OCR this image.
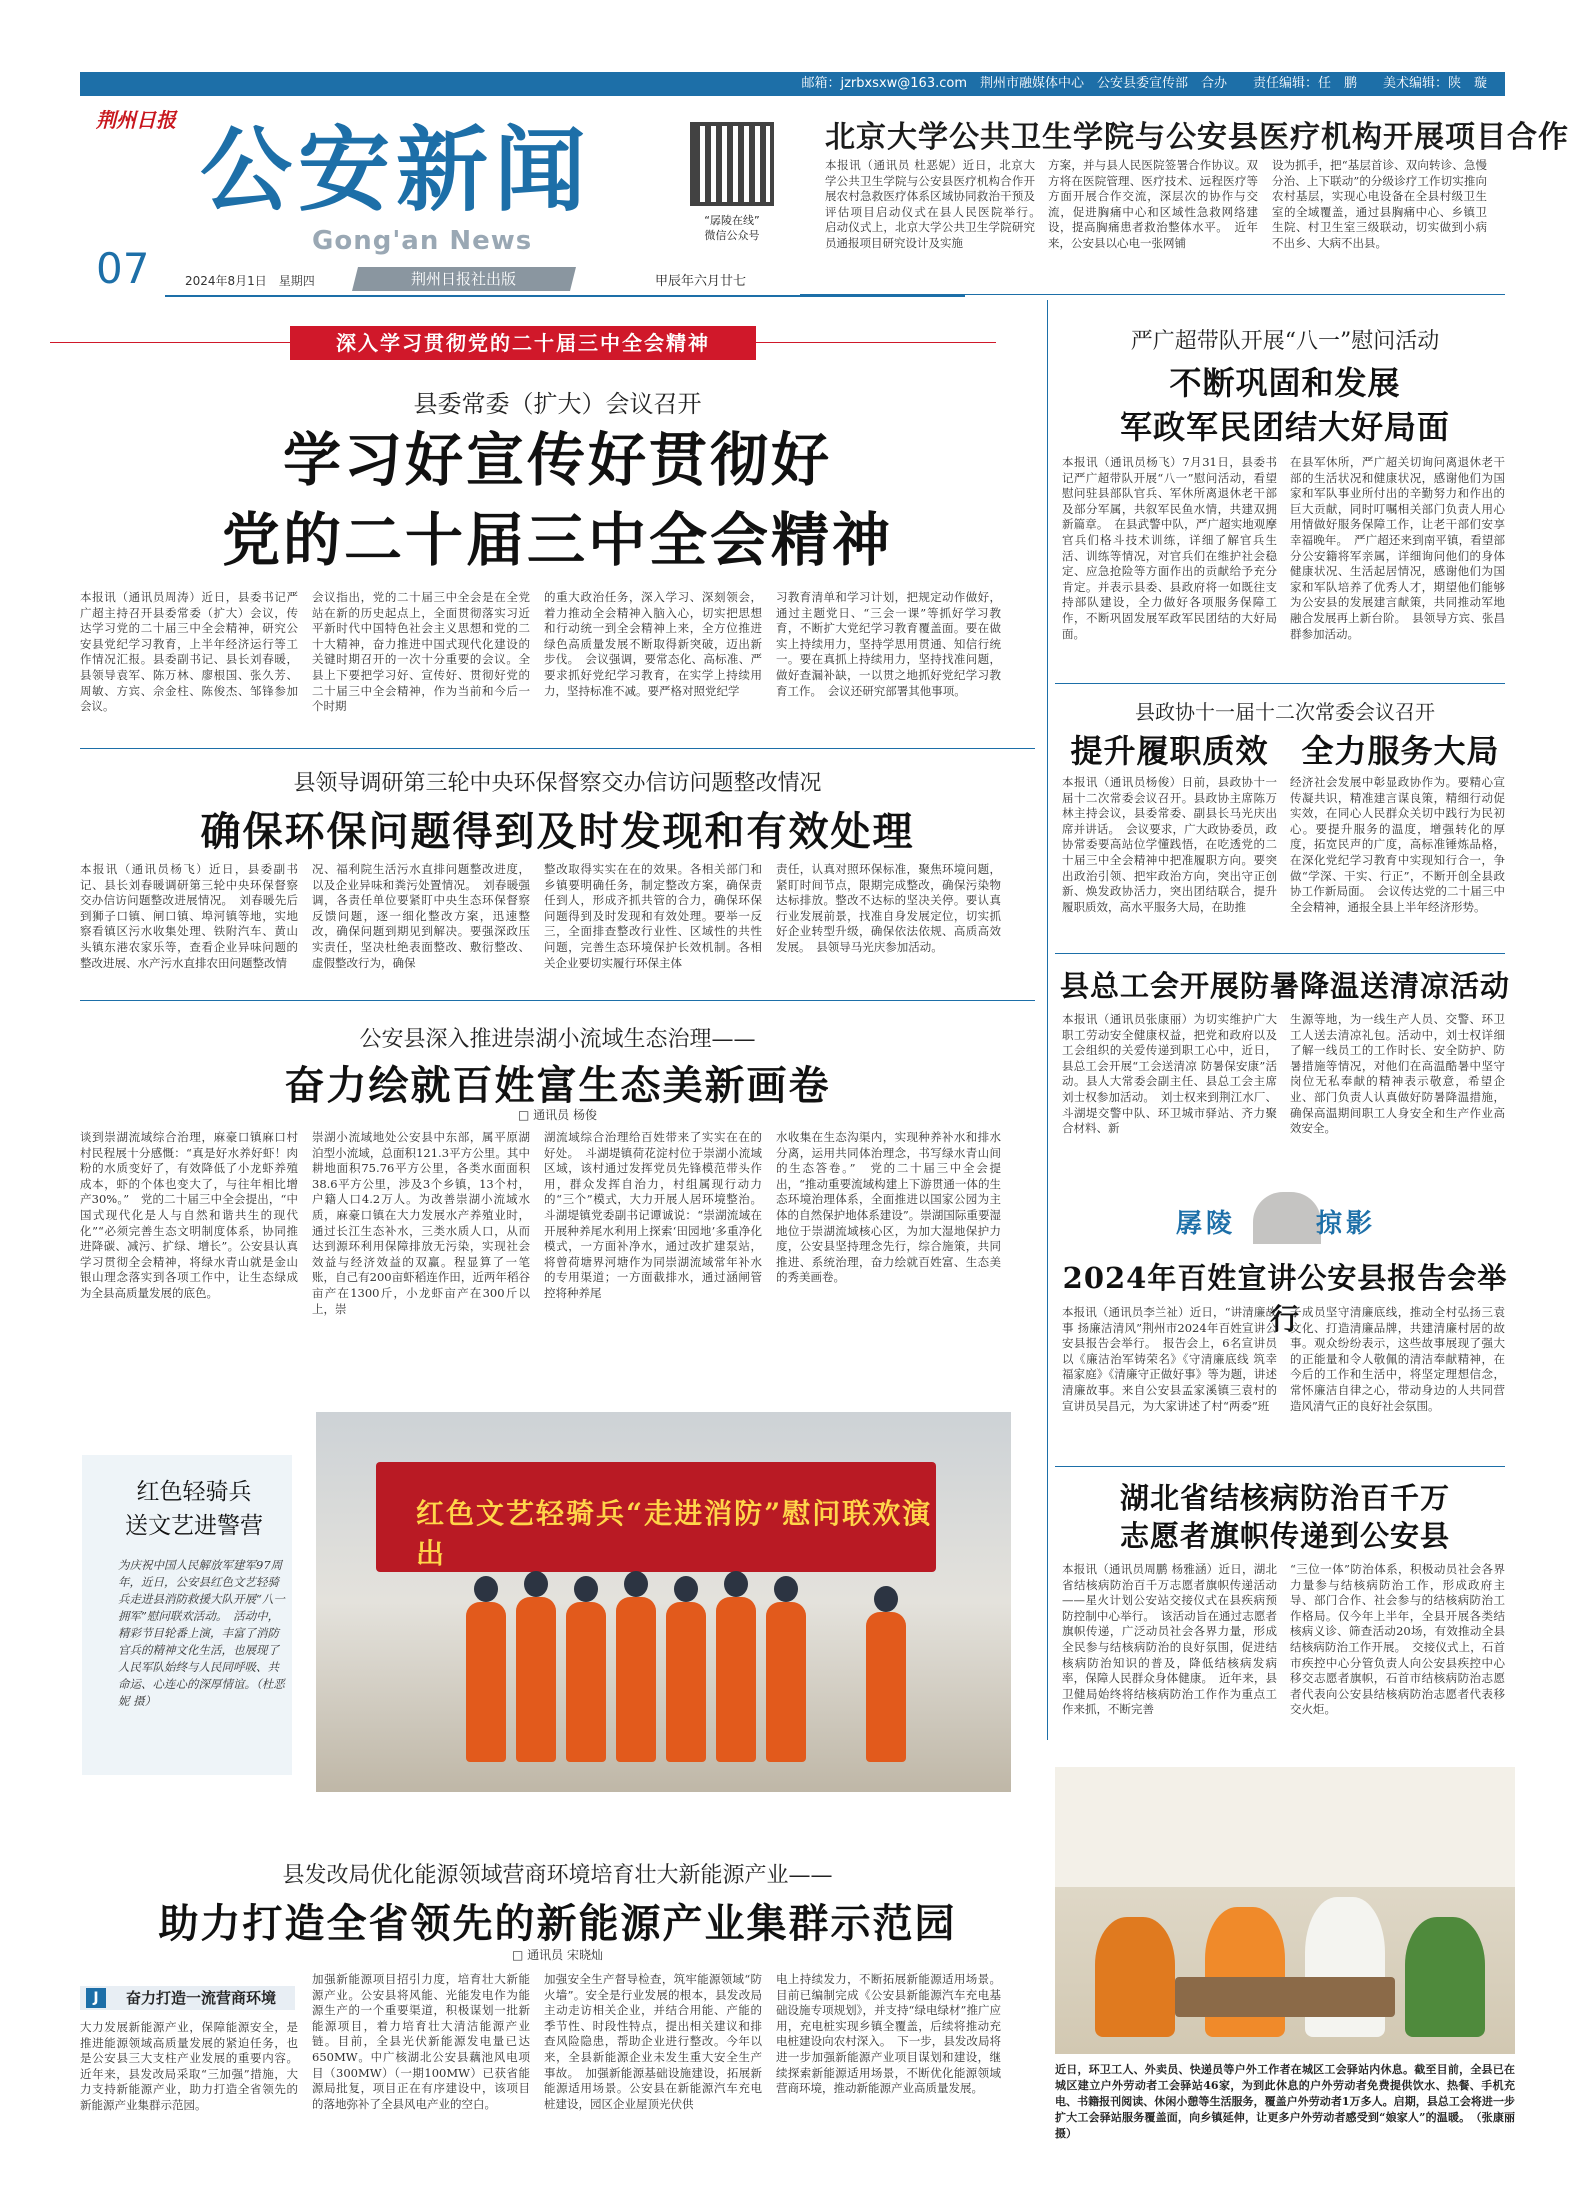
邮箱：jzrbxsxw@163.com　荆州市融媒体中心　公安县委宣传部　合办　　责任编辑：任　鹏　　美术编辑：陕　璇
荆州日报 公安新闻
Gong'an News
07	2024年8月1日　星期四	荆州日报社出版	甲辰年六月廿七
“孱陵在线”
微信公众号
北京大学公共卫生学院与公安县医疗机构开展项目合作
本报讯（通讯员 杜恶妮）近日，北京大学公共卫生学院与公安县医疗机构合作开展农村急救医疗体系区域协同救治干预及评估项目启动仪式在县人民医院举行。　启动仪式上，北京大学公共卫生学院研究员通报项目研究设计及实施
方案，并与县人民医院签署合作协议。双方将在医院管理、医疗技术、远程医疗等方面开展合作交流，深层次的协作与交流，促进胸痛中心和区域性急救网络建设，提高胸痛患者救治整体水平。　近年来，公安县以心电一张网铺
设为抓手，把“基层首诊、双向转诊、急慢分治、上下联动”的分级诊疗工作切实推向农村基层，实现心电设备在全县村级卫生室的全域覆盖，通过县胸痛中心、乡镇卫生院、村卫生室三级联动，切实做到小病不出乡、大病不出县。
深入学习贯彻党的二十届三中全会精神
县委常委（扩大）会议召开
学习好宣传好贯彻好
党的二十届三中全会精神
本报讯（通讯员周涛）近日，县委书记严广超主持召开县委常委（扩大）会议，传达学习党的二十届三中全会精神，研究公安县党纪学习教育，上半年经济运行等工作情况汇报。县委副书记、县长刘春暖，县领导袁军、陈万林、廖根国、张久芳、周敏、方宾、佘金柱、陈俊杰、邹锋参加会议。
会议指出，党的二十届三中全会是在全党站在新的历史起点上，全面贯彻落实习近平新时代中国特色社会主义思想和党的二十大精神，奋力推进中国式现代化建设的关键时期召开的一次十分重要的会议。全县上下要把学习好、宣传好、贯彻好党的二十届三中全会精神，作为当前和今后一个时期
的重大政治任务，深入学习、深刻领会，着力推动全会精神入脑入心，切实把思想和行动统一到全会精神上来，全方位推进绿色高质量发展不断取得新突破，迈出新步伐。　会议强调，要常态化、高标准、严要求抓好党纪学习教育，在实学上持续用力，坚持标准不减。要严格对照党纪学
习教育清单和学习计划，把规定动作做好，通过主题党日、“三会一课”等抓好学习教育，不断扩大党纪学习教育覆盖面。要在做实上持续用力，坚持学思用贯通、知信行统一。要在真抓上持续用力，坚持找准问题，做好查漏补缺，一以贯之地抓好党纪学习教育工作。　会议还研究部署其他事项。
县领导调研第三轮中央环保督察交办信访问题整改情况
确保环保问题得到及时发现和有效处理
本报讯（通讯员杨飞）近日，县委副书记、县长刘春暖调研第三轮中央环保督察交办信访问题整改进展情况。　刘春暖先后到狮子口镇、闸口镇、埠河镇等地，实地察看镇区污水收集处理、铁附汽车、黄山头镇东港农家乐等，查看企业异味问题的整改进展、水产污水直排农田问题整改情
况、福利院生活污水直排问题整改进度，以及企业异味和粪污处置情况。　刘春暖强调，各责任单位要紧盯中央生态环保督察反馈问题，逐一细化整改方案，迅速整改，确保问题到期见到解决。要强深政压实责任，坚决杜绝表面整改、敷衍整改、虚假整改行为，确保
整改取得实实在在的效果。各相关部门和乡镇要明确任务，制定整改方案，确保责任到人，形成齐抓共管的合力，确保环保问题得到及时发现和有效处理。要举一反三，全面排查整改行业性、区域性的共性问题，完善生态环境保护长效机制。各相关企业要切实履行环保主体
责任，认真对照环保标准，聚焦环境问题，紧盯时间节点，限期完成整改，确保污染物达标排放。整改不达标的坚决关停。要认真行业发展前景，找准自身发展定位，切实抓好企业转型升级，确保依法依规、高质高效发展。　县领导马光庆参加活动。
公安县深入推进崇湖小流域生态治理——
奋力绘就百姓富生态美新画卷
□ 通讯员 杨俊
谈到崇湖流域综合治理，麻豪口镇麻口村村民程展十分感慨：“真是好水养好虾！肉粉的水质变好了，有效降低了小龙虾养殖成本，虾的个体也变大了，与往年相比增产30%。”　党的二十届三中全会提出，“中国式现代化是人与自然和谐共生的现代化”“必须完善生态文明制度体系，协同推进降碳、减污、扩绿、增长”。公安县认真学习贯彻全会精神，将绿水青山就是金山银山理念落实到各项工作中，让生态绿成为全县高质量发展的底色。
崇湖小流域地处公安县中东部，属平原湖泊型小流域，总面积121.3平方公里。其中耕地面积75.76平方公里，各类水面面积38.6平方公里，涉及3个乡镇，13个村，户籍人口4.2万人。为改善崇湖小流域水质，麻豪口镇在大力发展水产养殖业时，通过长江生态补水，三类水质人口，从而达到源环利用保障排放无污染，实现社会效益与经济效益的双赢。程显算了一笔账，自己有200亩虾稻连作田，近两年稻谷亩产在1300斤，小龙虾亩产在300斤以上，崇
湖流域综合治理给百姓带来了实实在在的好处。　斗湖堤镇荷花淀村位于崇湖小流域区域，该村通过发挥党员先锋模范带头作用，群众发挥自治力，村组属现行动力的“三个”模式，大力开展人居环境整治。斗湖堤镇党委副书记谭诚说：“崇湖流域在开展种养尾水利用上探索‘田园地’多重净化模式，一方面补净水，通过改扩建泵站，将曾荷塘界河塘作为同崇湖流域常年补水的专用渠道；一方面截排水，通过涵闸管控将种养尾
水收集在生态沟渠内，实现种养补水和排水分离，运用共同体治理念，书写绿水青山间的生态答卷。”　党的二十届三中全会提出，“推动重要流域构建上下游贯通一体的生态环境治理体系，全面推进以国家公园为主体的自然保护地体系建设”。崇湖国际重要湿地位于崇湖流域核心区，为加大湿地保护力度，公安县坚持理念先行，综合施策，共同推进、系统治理，奋力绘就百姓富、生态美的秀美画卷。
红色轻骑兵
送文艺进警营
为庆祝中国人民解放军建军97周年，近日，公安县红色文艺轻骑兵走进县消防救援大队开展“八一拥军”慰问联欢活动。　活动中，精彩节目轮番上演，丰富了消防官兵的精神文化生活，也展现了人民军队始终与人民同呼吸、共命运、心连心的深厚情谊。（杜恶妮 摄）
红色文艺轻骑兵“走进消防”慰问联欢演出
县发改局优化能源领域营商环境培育壮大新能源产业——
助力打造全省领先的新能源产业集群示范园
□ 通讯员 宋晓灿
奋力打造一流营商环境
J
大力发展新能源产业，保障能源安全，是推进能源领域高质量发展的紧迫任务，也是公安县三大支柱产业发展的重要内容。近年来，县发改局采取“三加强”措施，大力支持新能源产业，助力打造全省领先的新能源产业集群示范园。
加强新能源项目招引力度，培育壮大新能源产业。公安县将风能、光能发电作为能源生产的一个重要渠道，积极谋划一批新能源项目，着力培育壮大清洁能源产业链。目前，全县光伏新能源发电量已达650MW。中广核湖北公安县藕池风电项目（300MW）（一期100MW）已获省能源局批复，项目正在有序建设中，该项目的落地弥补了全县风电产业的空白。
加强安全生产督导检查，筑牢能源领域“防火墙”。安全是行业发展的根本，县发改局主动走访相关企业，并结合用能、产能的季节性、时段性特点，提出相关建议和排查风险隐患，帮助企业进行整改。今年以来，全县新能源企业未发生重大安全生产事故。　加强新能源基础设施建设，拓展新能源适用场景。公安县在新能源汽车充电桩建设，园区企业屋顶光伏供
电上持续发力，不断拓展新能源适用场景。目前已编制完成《公安县新能源汽车充电基础设施专项规划》，并支持“绿电绿材”推广应用，充电桩实现乡镇全覆盖，后续将推动充电桩建设向农村深入。　下一步，县发改局将进一步加强新能源产业项目谋划和建设，继续探索新能源适用场景，不断优化能源领域营商环境，推动新能源产业高质量发展。
严广超带队开展“八一”慰问活动
不断巩固和发展
军政军民团结大好局面
本报讯（通讯员杨飞）7月31日，县委书记严广超带队开展“八一”慰问活动，看望慰问驻县部队官兵、军休所离退休老干部及部分军属，共叙军民鱼水情，共建双拥新篇章。　在县武警中队，严广超实地观摩官兵们格斗技术训练，详细了解官兵生活、训练等情况，对官兵们在维护社会稳定、应急抢险等方面作出的贡献给予充分肯定。并表示县委、县政府将一如既往支持部队建设，全力做好各项服务保障工作，不断巩固发展军政军民团结的大好局面。
在县军休所，严广超关切询问离退休老干部的生活状况和健康状况，感谢他们为国家和军队事业所付出的辛勤努力和作出的巨大贡献，同时叮嘱相关部门负责人用心用情做好服务保障工作，让老干部们安享幸福晚年。　严广超还来到南平镇，看望部分公安籍将军亲属，详细询问他们的身体健康状况、生活起居情况，感谢他们为国家和军队培养了优秀人才，期望他们能够为公安县的发展建言献策，共同推动军地融合发展再上新台阶。　县领导方宾、张昌群参加活动。
县政协十一届十二次常委会议召开
提升履职质效　全力服务大局
本报讯（通讯员杨俊）日前，县政协十一届十二次常委会议召开。县政协主席陈万林主持会议，县委常委、副县长马光庆出席并讲话。　会议要求，广大政协委员，政协常委要高站位学懂践悟，在吃透党的二十届三中全会精神中把准履职方向。要突出政治引领、把牢政治方向，突出守正创新、焕发政协活力，突出团结联合，提升履职质效，高水平服务大局，在助推
经济社会发展中彰显政协作为。要精心宣传凝共识，精准建言谋良策，精细行动促实效，在同心人民群众关切中践行为民初心。要提升服务的温度，增强转化的厚度，拓宽民声的广度，高标准锤炼品格，在深化党纪学习教育中实现知行合一，争做“学深、干实、行正”，不断开创全县政协工作新局面。　会议传达党的二十届三中全会精神，通报全县上半年经济形势。
县总工会开展防暑降温送清凉活动
本报讯（通讯员张康丽）为切实维护广大职工劳动安全健康权益，把党和政府以及工会组织的关爱传递到职工心中，近日，县总工会开展“工会送清凉 防暑保安康”活动。县人大常委会副主任、县总工会主席刘士权参加活动。　刘士权来到荆江水厂、斗湖堤交警中队、环卫城市驿站、齐力聚合材料、新
生源等地，为一线生产人员、交警、环卫工人送去清凉礼包。活动中，刘士权详细了解一线员工的工作时长、安全防护、防暑措施等情况，对他们在高温酷暑中坚守岗位无私奉献的精神表示敬意，希望企业、部门负责人认真做好防暑降温措施，确保高温期间职工人身安全和生产作业高效安全。
孱陵	掠影
2024年百姓宣讲公安县报告会举行
本报讯（通讯员李兰祉）近日，“讲清廉故事 扬廉洁清风”荆州市2024年百姓宣讲公安县报告会举行。　报告会上，6名宣讲员以《廉洁治军铸荣名》《守清廉底线 筑幸福家庭》《清廉守正做好事》等为题，讲述清廉故事。来自公安县孟家溪镇三袁村的宣讲员吴昌元，为大家讲述了村“两委”班
子成员坚守清廉底线，推动全村弘扬三袁文化、打造清廉品牌，共建清廉村居的故事。观众纷纷表示，这些故事展现了强大的正能量和令人敬佩的清洁奉献精神，在今后的工作和生活中，将坚定理想信念，常怀廉洁自律之心，带动身边的人共同营造风清气正的良好社会氛围。
湖北省结核病防治百千万
志愿者旗帜传递到公安县
本报讯（通讯员周鹏 杨雅涵）近日，湖北省结核病防治百千万志愿者旗帜传递活动——星火计划公安站交接仪式在县疾病预防控制中心举行。　该活动旨在通过志愿者旗帜传递，广泛动员社会各界力量，形成全民参与结核病防治的良好氛围，促进结核病防治知识的普及，降低结核病发病率，保障人民群众身体健康。　近年来，县卫健局始终将结核病防治工作作为重点工作来抓，不断完善
“三位一体”防治体系，积极动员社会各界力量参与结核病防治工作，形成政府主导、部门合作、社会参与的结核病防治工作格局。仅今年上半年，全县开展各类结核病义诊、筛查活动20场，有效推动全县结核病防治工作开展。　交接仪式上，石首市疾控中心分管负责人向公安县疾控中心移交志愿者旗帜，石首市结核病防治志愿者代表向公安县结核病防治志愿者代表移交火炬。
近日，环卫工人、外卖员、快递员等户外工作者在城区工会驿站内休息。截至目前，全县已在城区建立户外劳动者工会驿站46家，为到此休息的户外劳动者免费提供饮水、热餐、手机充电、书籍报刊阅读、休闲小憩等生活服务，覆盖户外劳动者1万多人。启期，县总工会将进一步扩大工会驿站服务覆盖面，向乡镇延伸，让更多户外劳动者感受到“娘家人”的温暖。　（张康丽 摄）
